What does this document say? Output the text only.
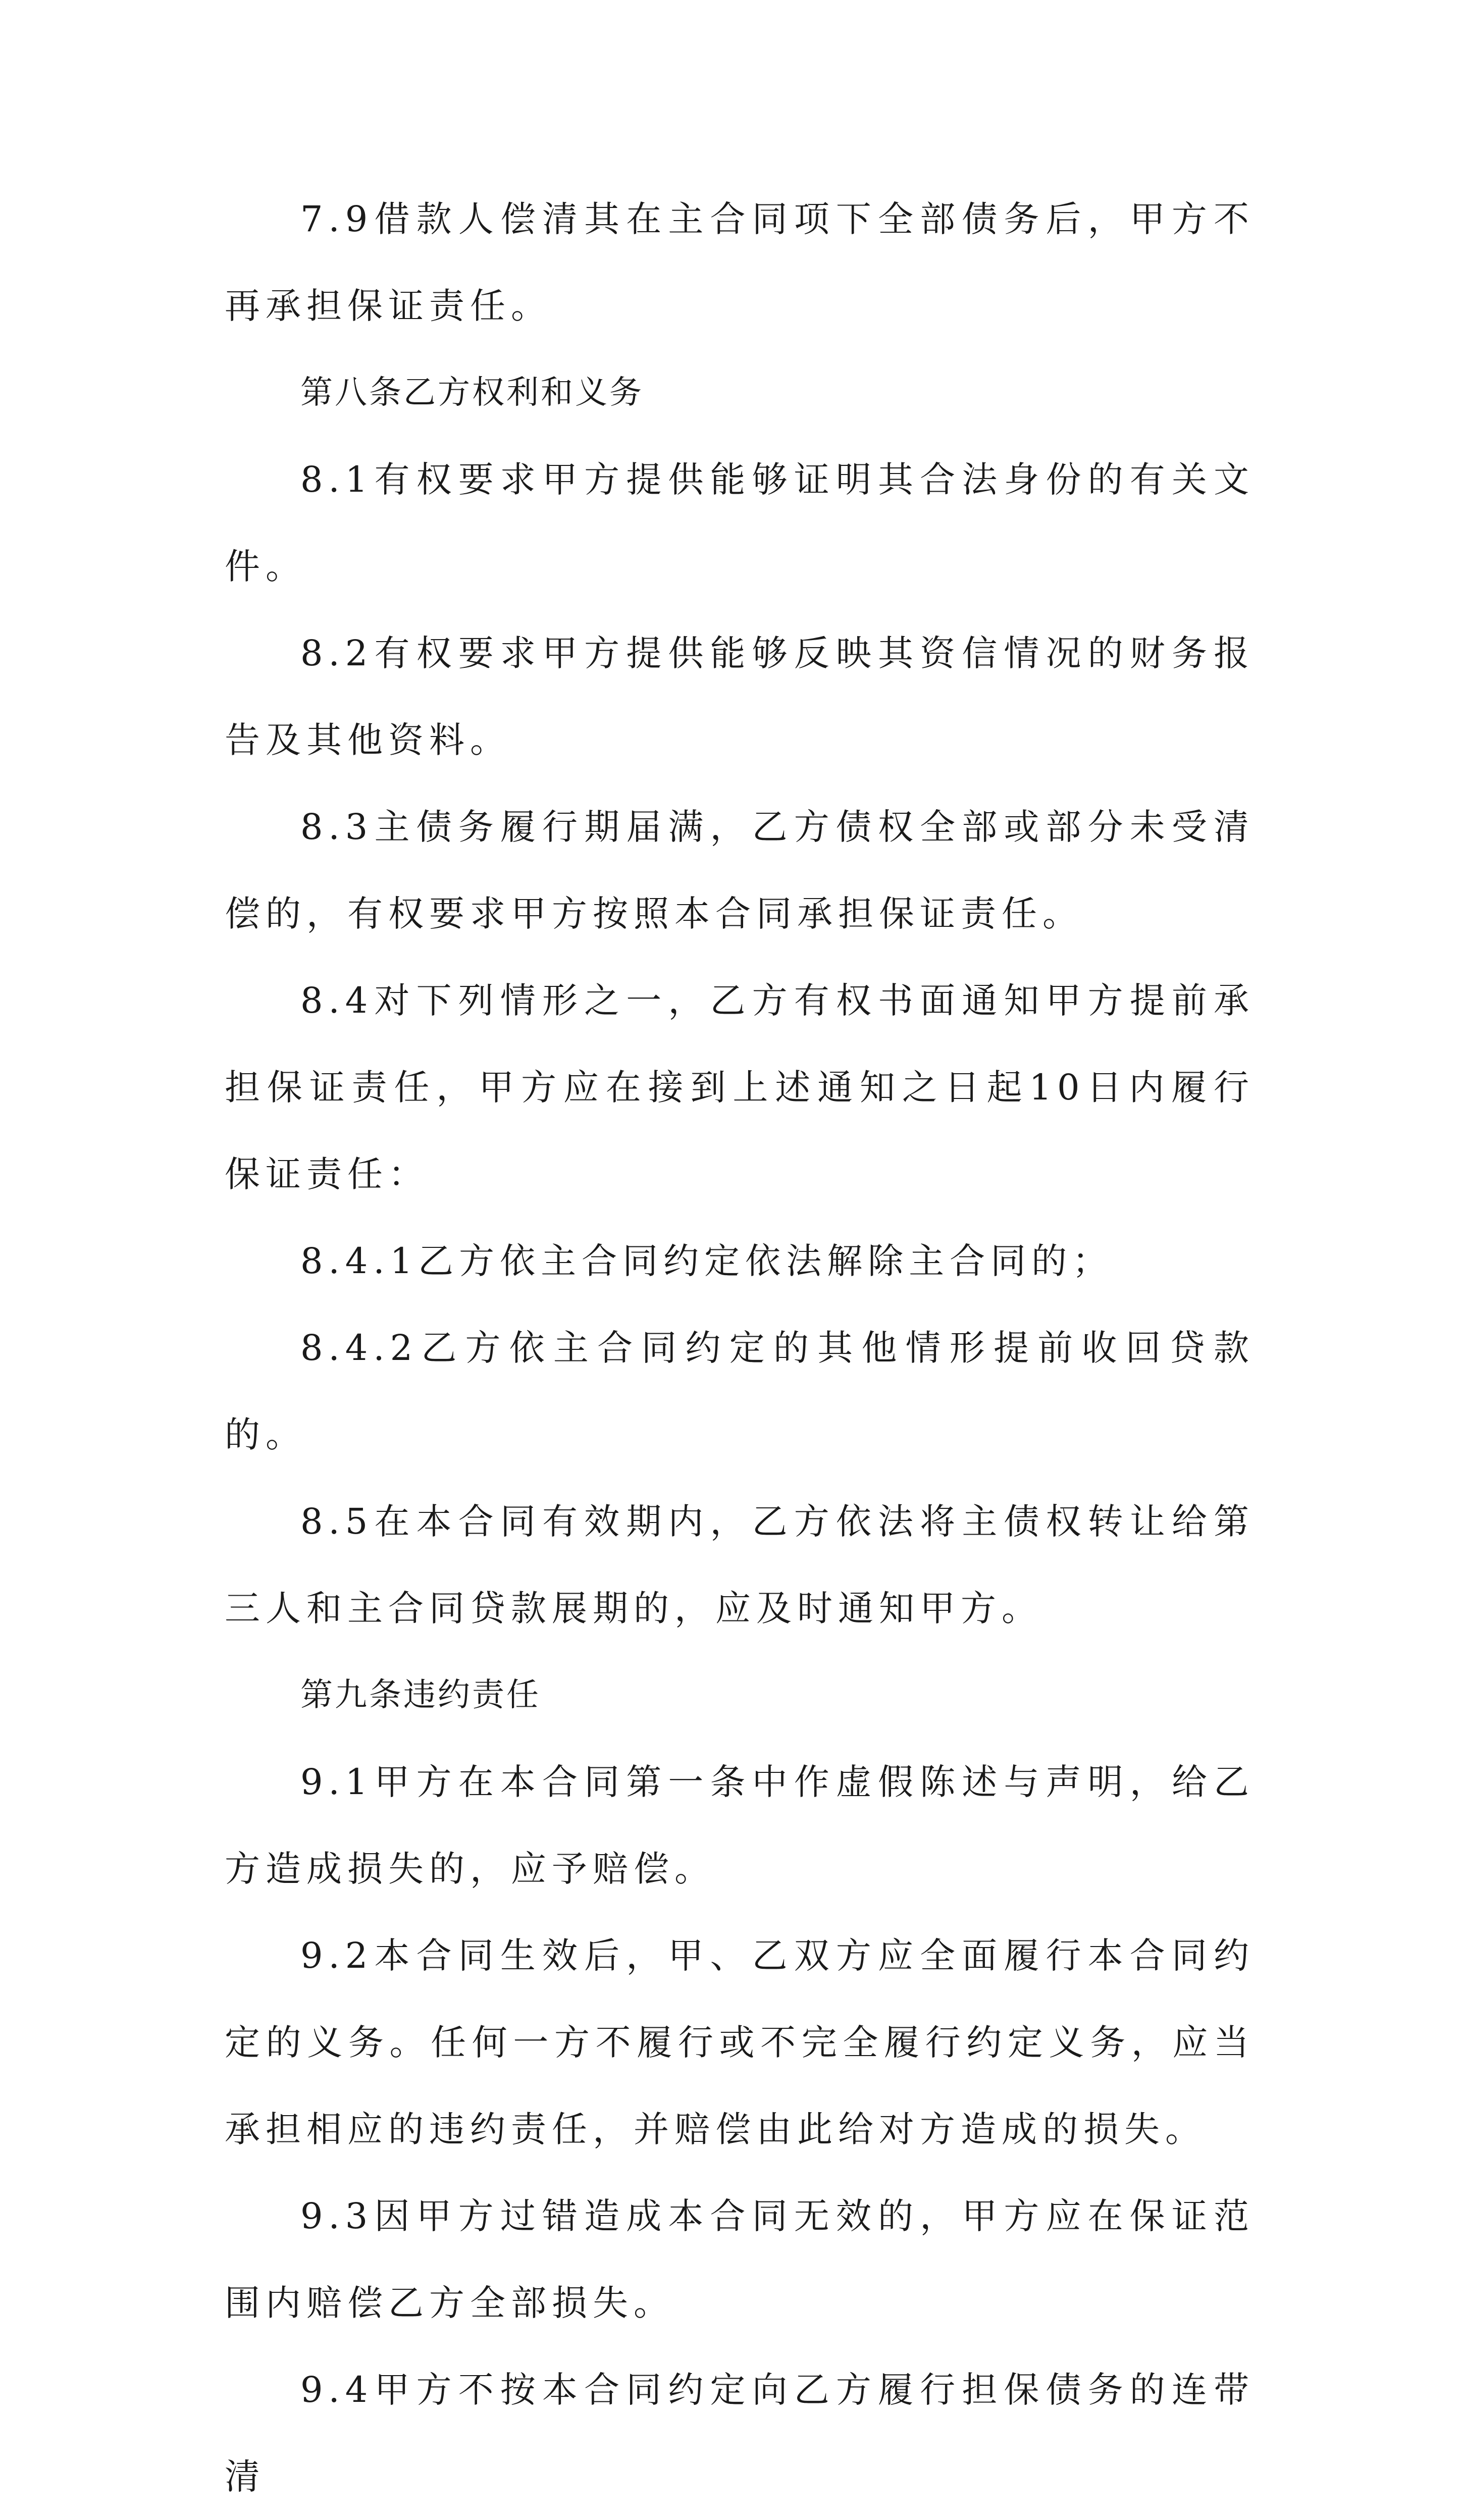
7.9借款人偿清其在主合同项下全部债务后，甲方不再承担保证责任。

第八条乙方权利和义务

8.1有权要求甲方提供能够证明其合法身份的有关文件。

8.2有权要求甲方提供能够反映其资信情况的财务报告及其他资料。

8.3主债务履行期届满，乙方债权全部或部分未受清偿的，有权要求甲方按照本合同承担保证责任。

8.4对下列情形之一，乙方有权书面通知甲方提前承担保证责任，甲方应在接到上述通知之日起10日内履行保证责任：

8.4.1乙方依主合同约定依法解除主合同的；

8.4.2乙方依主合同约定的其他情形提前收回贷款的。

8.5在本合同有效期内，乙方依法将主债权转让给第三人和主合同贷款展期的，应及时通知甲方。

第九条违约责任

9.1甲方在本合同第一条中作虚假陈述与声明，给乙方造成损失的，应予赔偿。

9.2本合同生效后，甲、乙双方应全面履行本合同约定的义务。任何一方不履行或不完全履行约定义务，应当承担相应的违约责任，并赔偿由此给对方造成的损失。

9.3因甲方过错造成本合同无效的，甲方应在保证范围内赔偿乙方全部损失。

9.4甲方不按本合同约定向乙方履行担保债务的连带清
